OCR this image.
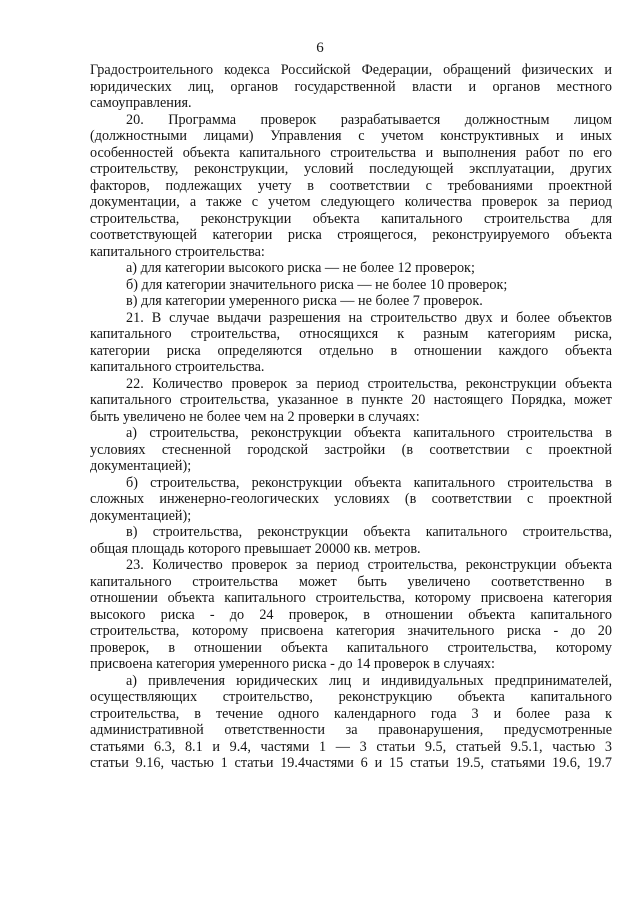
6
Градостроительного кодекса Российской Федерации, обращений физических и
юридических лиц, органов государственной власти и органов местного
самоуправления.
20. Программа проверок разрабатывается должностным лицом
(должностными лицами) Управления с учетом конструктивных и иных
особенностей объекта капитального строительства и выполнения работ по его
строительству, реконструкции, условий последующей эксплуатации, других
факторов, подлежащих учету в соответствии с требованиями проектной
документации, а также с учетом следующего количества проверок за период
строительства, реконструкции объекта капитального строительства для
соответствующей категории риска строящегося, реконструируемого объекта
капитального строительства:
а) для категории высокого риска — не более 12 проверок;
б) для категории значительного риска — не более 10 проверок;
в) для категории умеренного риска — не более 7 проверок.
21. В случае выдачи разрешения на строительство двух и более объектов
капитального строительства, относящихся к разным категориям риска,
категории риска определяются отдельно в отношении каждого объекта
капитального строительства.
22. Количество проверок за период строительства, реконструкции объекта
капитального строительства, указанное в пункте 20 настоящего Порядка, может
быть увеличено не более чем на 2 проверки в случаях:
а) строительства, реконструкции объекта капитального строительства в
условиях стесненной городской застройки (в соответствии с проектной
документацией);
б) строительства, реконструкции объекта капитального строительства в
сложных инженерно-геологических условиях (в соответствии с проектной
документацией);
в) строительства, реконструкции объекта капитального строительства,
общая площадь которого превышает 20000 кв. метров.
23. Количество проверок за период строительства, реконструкции объекта
капитального строительства может быть увеличено соответственно в
отношении объекта капитального строительства, которому присвоена категория
высокого риска - до 24 проверок, в отношении объекта капитального
строительства, которому присвоена категория значительного риска - до 20
проверок, в отношении объекта капитального строительства, которому
присвоена категория умеренного риска - до 14 проверок в случаях:
а) привлечения юридических лиц и индивидуальных предпринимателей,
осуществляющих строительство, реконструкцию объекта капитального
строительства, в течение одного календарного года 3 и более раза к
административной ответственности за правонарушения, предусмотренные
статьями 6.3, 8.1 и 9.4, частями 1 — 3 статьи 9.5, статьей 9.5.1, частью 3
статьи 9.16, частью 1 статьи 19.4частями 6 и 15 статьи 19.5, статьями 19.6, 19.7
